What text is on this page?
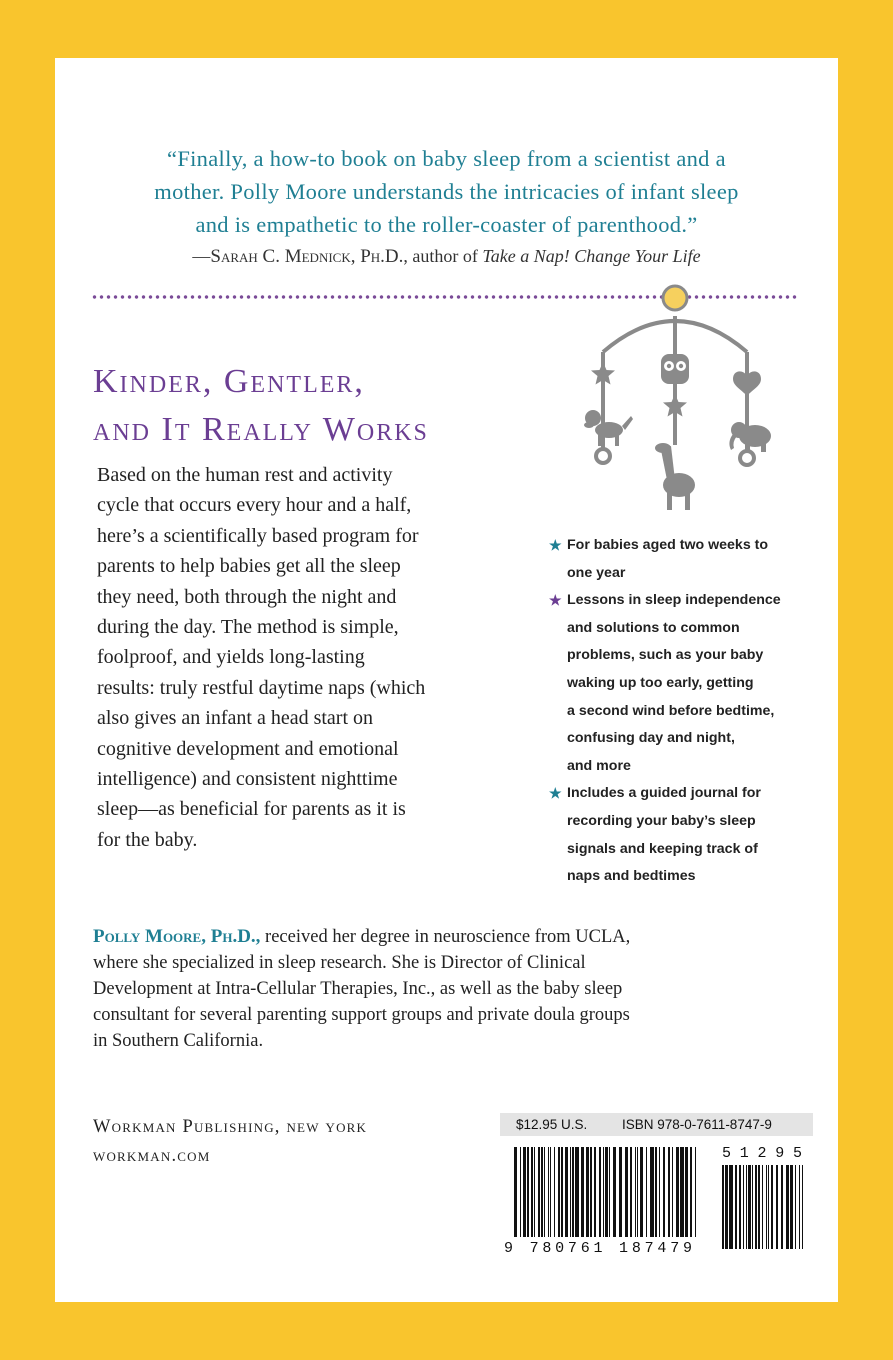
“Finally, a how-to book on baby sleep from a scientist and a
mother. Polly Moore understands the intricacies of infant sleep
and is empathetic to the roller-coaster of parenthood.”
—Sarah C. Mednick, Ph.D., author of Take a Nap! Change Your Life
Kinder, Gentler,
and It Really Works
Based on the human rest and activity
cycle that occurs every hour and a half,
here’s a scientifically based program for
parents to help babies get all the sleep
they need, both through the night and
during the day. The method is simple,
foolproof, and yields long-lasting
results: truly restful daytime naps (which
also gives an infant a head start on
cognitive development and emotional
intelligence) and consistent nighttime
sleep—as beneficial for parents as it is
for the baby.
★ For babies aged two weeks to
one year
★ Lessons in sleep independence
and solutions to common
problems, such as your baby
waking up too early, getting
a second wind before bedtime,
confusing day and night,
and more
★ Includes a guided journal for
recording your baby’s sleep
signals and keeping track of
naps and bedtimes
Polly Moore, Ph.D., received her degree in neuroscience from UCLA,
where she specialized in sleep research. She is Director of Clinical
Development at Intra-Cellular Therapies, Inc., as well as the baby sleep
consultant for several parenting support groups and private doula groups
in Southern California.
Workman Publishing, new york
workman.com
$12.95 U.S.	ISBN 978-0-7611-8747-9
9 780761 187479
5 1 2 9 5
